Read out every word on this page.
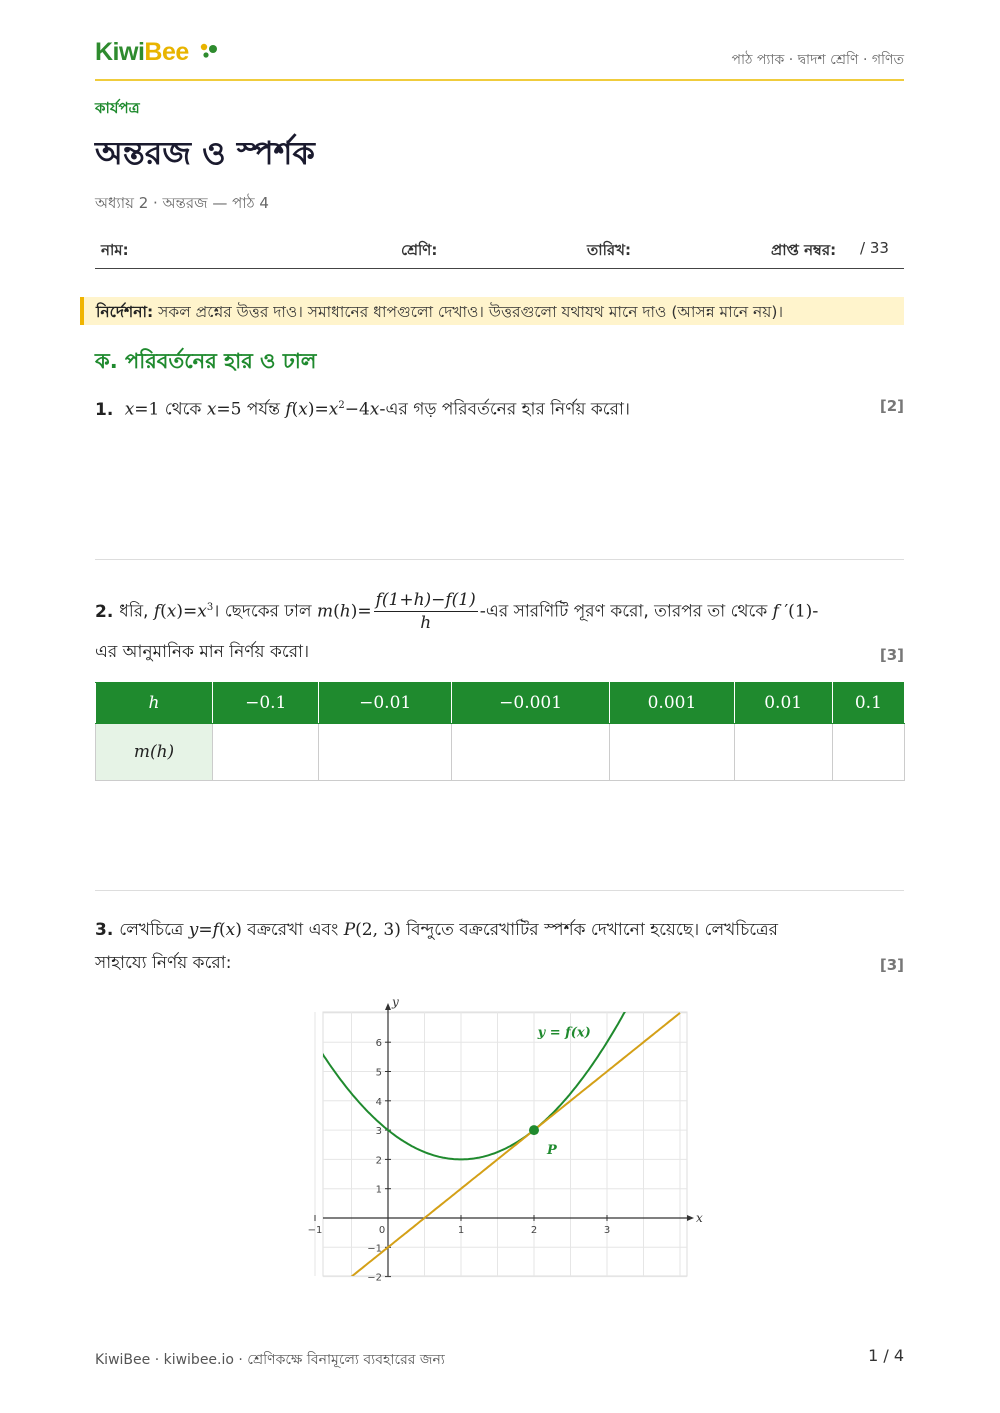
KiwiBee	পাঠ প্যাক · দ্বাদশ শ্রেণি · গণিত
কার্যপত্র
অন্তরজ ও স্পর্শক
অধ্যায় 2 · অন্তরজ — পাঠ 4
নাম:	শ্রেণি:	তারিখ:	প্রাপ্ত নম্বর: / 33
নির্দেশনা: সকল প্রশ্নের উত্তর দাও। সমাধানের ধাপগুলো দেখাও। উত্তরগুলো যথাযথ মানে দাও (আসন্ন মানে নয়)।
ক. পরিবর্তনের হার ও ঢাল
1. x=1 থেকে x=5 পর্যন্ত $f(x)=x^2-4x-এর$ গড় পরিবর্তনের হার নির্ণয় করো।	[2]
2. ধরি, $f(x)=x^3।$ ছেদকের ঢাল $m(h)= \frac{f(1+h)-f(1)}{h}$ -এর সারণিটি পূরণ করো, তারপর তা থেকে f ′(1)-
এর আনুমানিক মান নির্ণয় করো।	[3]
h	−0.1	−0.01	−0.001	0.001	0.01	0.1
m(h)						
3. লেখচিত্রে y=f(x) বক্ররেখা এবং P(2, 3) বিন্দুতে বক্ররেখাটির স্পর্শক দেখানো হয়েছে। লেখচিত্রের
সাহায্যে নির্ণয় করো:	[3]
x
y
−1	0	1	2	3
−2
−1
1
2
3
4
5
6
y = f(x)
P
KiwiBee · kiwibee.io · শ্রেণিকক্ষে বিনামূল্যে ব্যবহারের জন্য	1 / 4
